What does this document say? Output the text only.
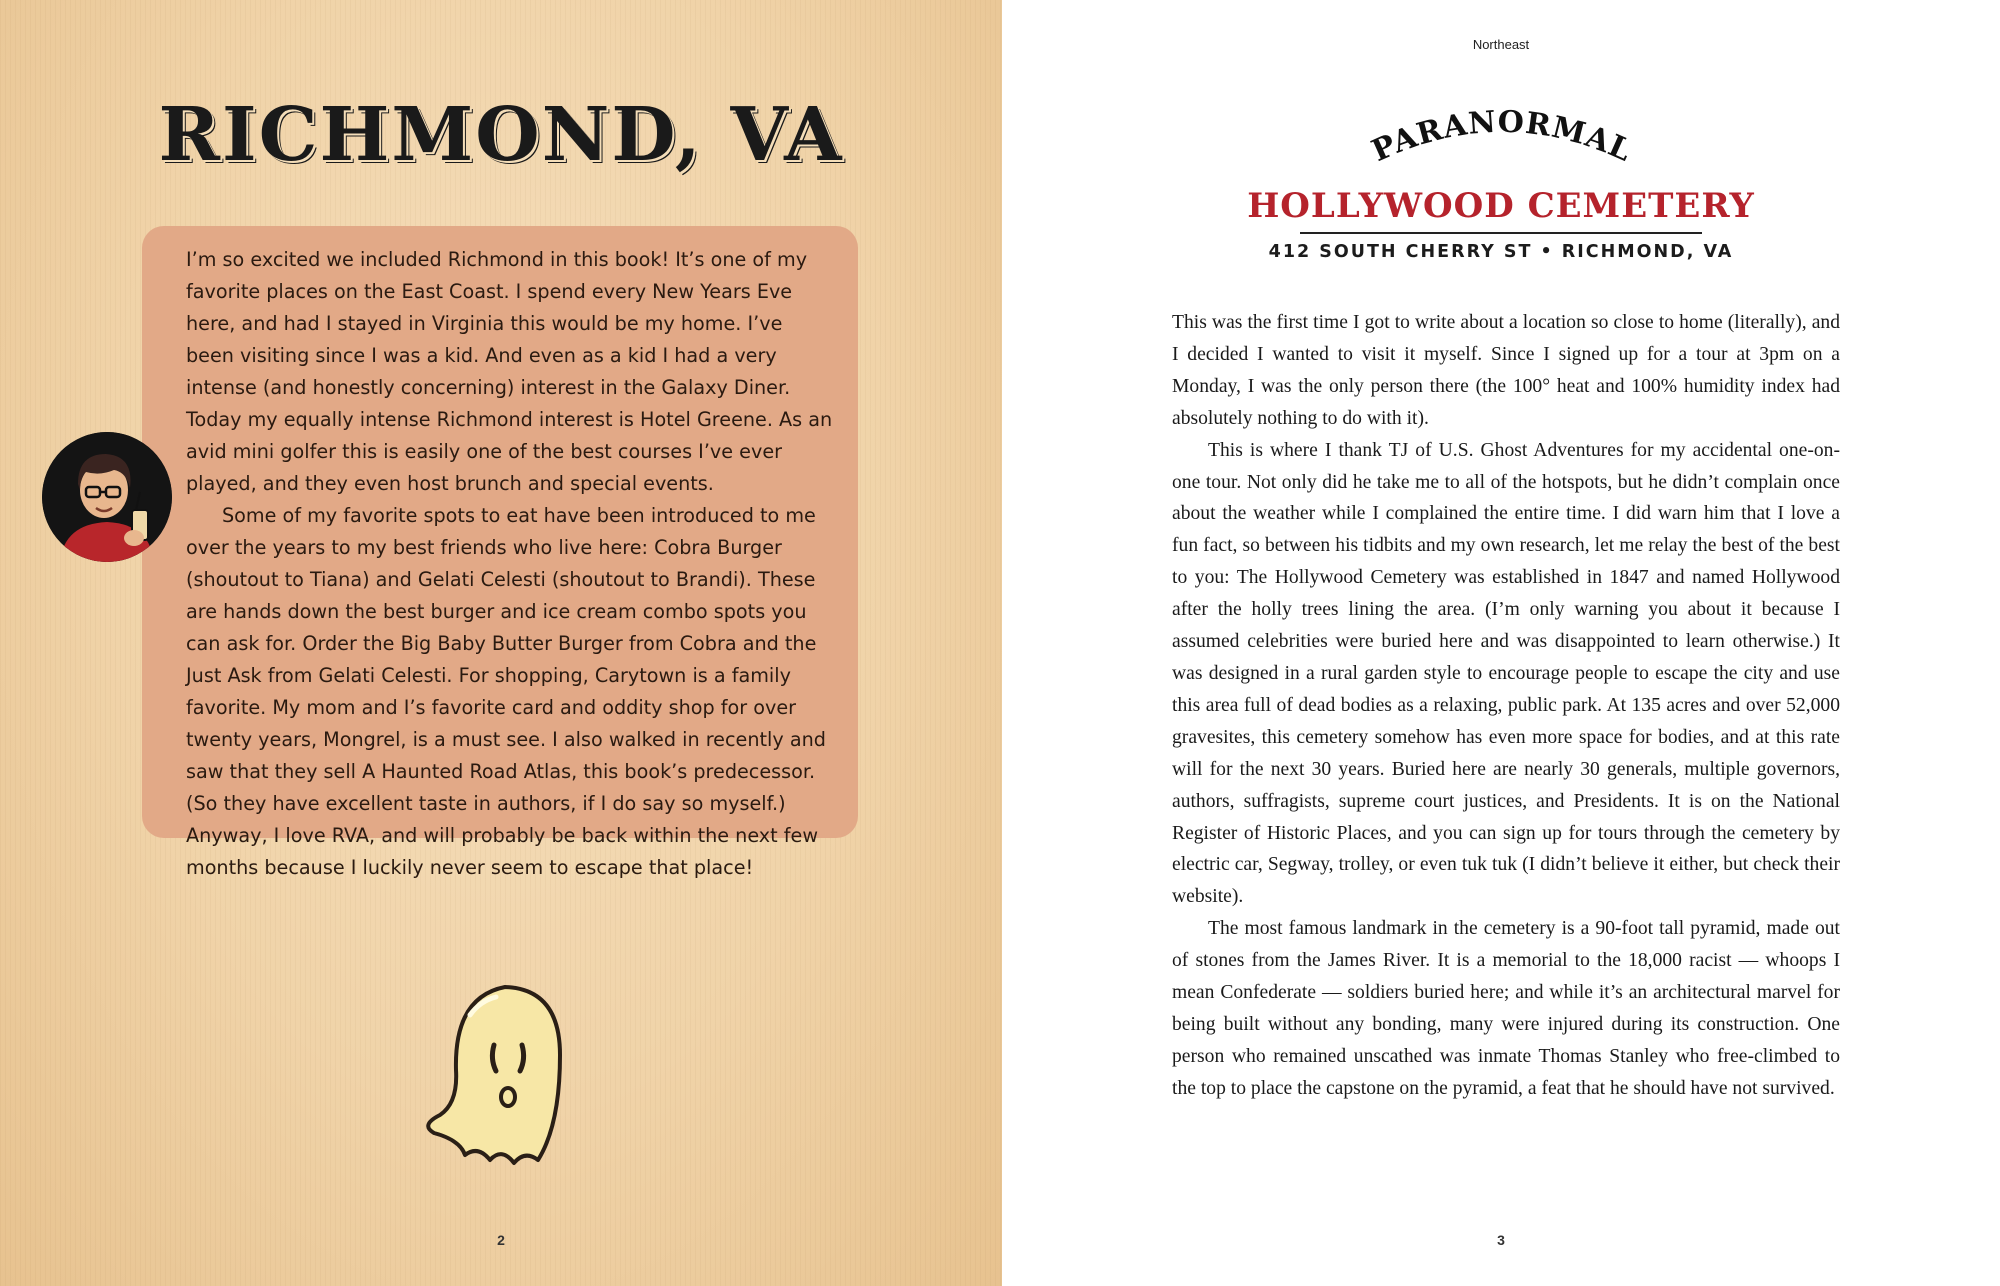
RICHMOND, VA

I’m so excited we included Richmond in this book! It’s one of my favorite places on the East Coast. I spend every New Years Eve here, and had I stayed in Virginia this would be my home. I’ve been visiting since I was a kid. And even as a kid I had a very intense (and honestly concerning) interest in the Galaxy Diner. Today my equally intense Richmond interest is Hotel Greene. As an avid mini golfer this is easily one of the best courses I’ve ever played, and they even host brunch and special events.

Some of my favorite spots to eat have been introduced to me over the years to my best friends who live here: Cobra Burger (shoutout to Tiana) and Gelati Celesti (shoutout to Brandi). These are hands down the best burger and ice cream combo spots you can ask for. Order the Big Baby Butter Burger from Cobra and the Just Ask from Gelati Celesti. For shopping, Carytown is a family favorite. My mom and I’s favorite card and oddity shop for over twenty years, Mongrel, is a must see. I also walked in recently and saw that they sell A Haunted Road Atlas, this book’s predecessor. (So they have excellent taste in authors, if I do say so myself.) Anyway, I love RVA, and will probably be back within the next few months because I luckily never seem to escape that place!

2
Northeast
PARANORMAL
HOLLYWOOD CEMETERY
412 SOUTH CHERRY ST • RICHMOND, VA

This was the first time I got to write about a location so close to home (literally), and I decided I wanted to visit it myself. Since I signed up for a tour at 3pm on a Monday, I was the only person there (the 100° heat and 100% humidity index had absolutely nothing to do with it).

This is where I thank TJ of U.S. Ghost Adventures for my accidental one-on-one tour. Not only did he take me to all of the hotspots, but he didn’t complain once about the weather while I complained the entire time. I did warn him that I love a fun fact, so between his tidbits and my own research, let me relay the best of the best to you: The Hollywood Cemetery was established in 1847 and named Hollywood after the holly trees lining the area. (I’m only warning you about it because I assumed celebrities were buried here and was disappointed to learn otherwise.) It was designed in a rural garden style to encourage people to escape the city and use this area full of dead bodies as a relaxing, public park. At 135 acres and over 52,000 gravesites, this cemetery somehow has even more space for bodies, and at this rate will for the next 30 years. Buried here are nearly 30 generals, multiple governors, authors, suffragists, supreme court justices, and Presidents. It is on the National Register of Historic Places, and you can sign up for tours through the cemetery by electric car, Segway, trolley, or even tuk tuk (I didn’t believe it either, but check their website).

The most famous landmark in the cemetery is a 90-foot tall pyramid, made out of stones from the James River. It is a memorial to the 18,000 racist — whoops I mean Confederate — soldiers buried here; and while it’s an architectural marvel for being built without any bonding, many were injured during its construction. One person who remained unscathed was inmate Thomas Stanley who free-climbed to the top to place the capstone on the pyramid, a feat that he should have not survived.

3
